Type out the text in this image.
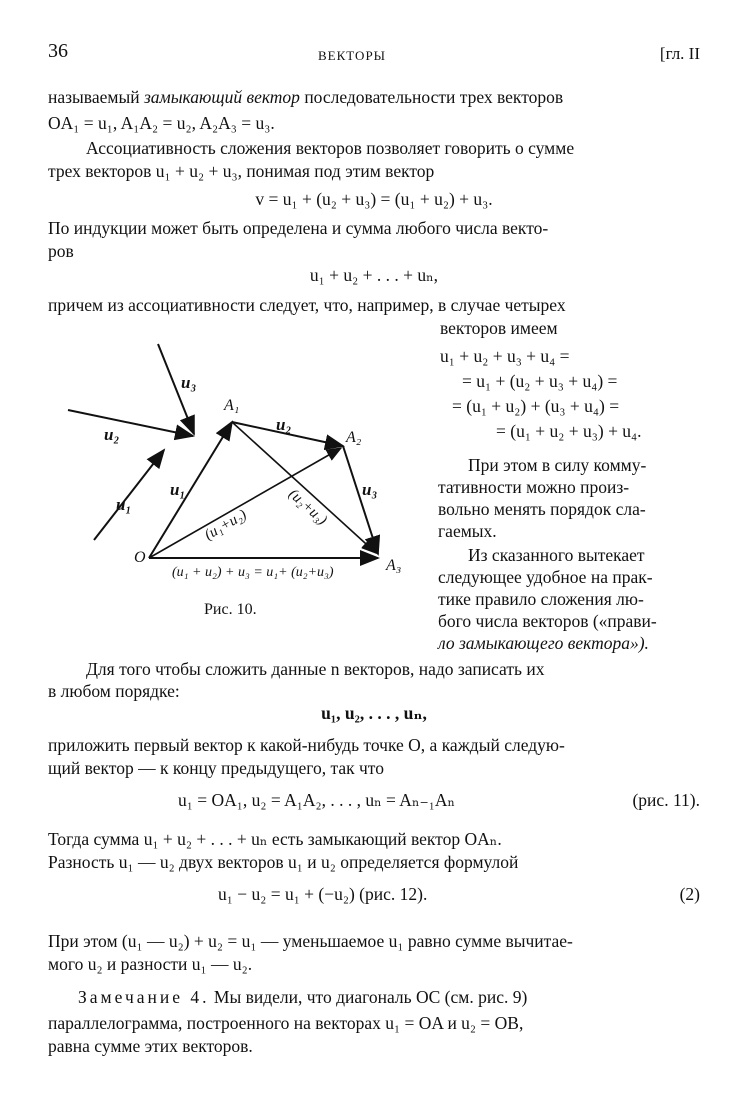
36	ВЕКТОРЫ	[гл. II
называемый замыкающий вектор последовательности трех векторов
OA₁ = u₁, A₁A₂ = u₂, A₂A₃ = u₃.
Ассоциативность сложения векторов позволяет говорить о сумме
трех векторов u₁ + u₂ + u₃, понимая под этим вектор
v = u₁ + (u₂ + u₃) = (u₁ + u₂) + u₃.
По индукции может быть определена и сумма любого числа векто-
ров
u₁ + u₂ + . . . + uₙ,
причем из ассоциативности следует, что, например, в случае четырех
векторов имеем
u₁ + u₂ + u₃ + u₄ =
= u₁ + (u₂ + u₃ + u₄) =
= (u₁ + u₂) + (u₃ + u₄) =
= (u₁ + u₂ + u₃) + u₄.
При этом в силу комму-
тативности можно произ-
вольно менять порядок сла-
гаемых.
Из сказанного вытекает
следующее удобное на прак-
тике правило сложения лю-
бого числа векторов («прави-
ло замыкающего вектора»).
u₃
u₂
u₁
u₁
u₂
u₃
A₁
A₂
A₃
O
(u₁+u₂) (u₂+u₃)
(u₁ + u₂) + u₃ = u₁+ (u₂+u₃)
Рис. 10.
Для того чтобы сложить данные n векторов, надо записать их
в любом порядке:
u₁, u₂, . . . , uₙ,
приложить первый вектор к какой-нибудь точке O, а каждый следую-
щий вектор — к концу предыдущего, так что
u₁ = OA₁, u₂ = A₁A₂, . . . , uₙ = Aₙ₋₁Aₙ	(рис. 11).
Тогда сумма u₁ + u₂ + . . . + uₙ есть замыкающий вектор OAₙ.
Разность u₁ — u₂ двух векторов u₁ и u₂ определяется формулой
u₁ − u₂ = u₁ + (−u₂) (рис. 12).	(2)
При этом (u₁ — u₂) + u₂ = u₁ — уменьшаемое u₁ равно сумме вычитае-
мого u₂ и разности u₁ — u₂.
Замечание 4. Мы видели, что диагональ OC (см. рис. 9)
параллелограмма, построенного на векторах u₁ = OA и u₂ = OB,
равна сумме этих векторов.
